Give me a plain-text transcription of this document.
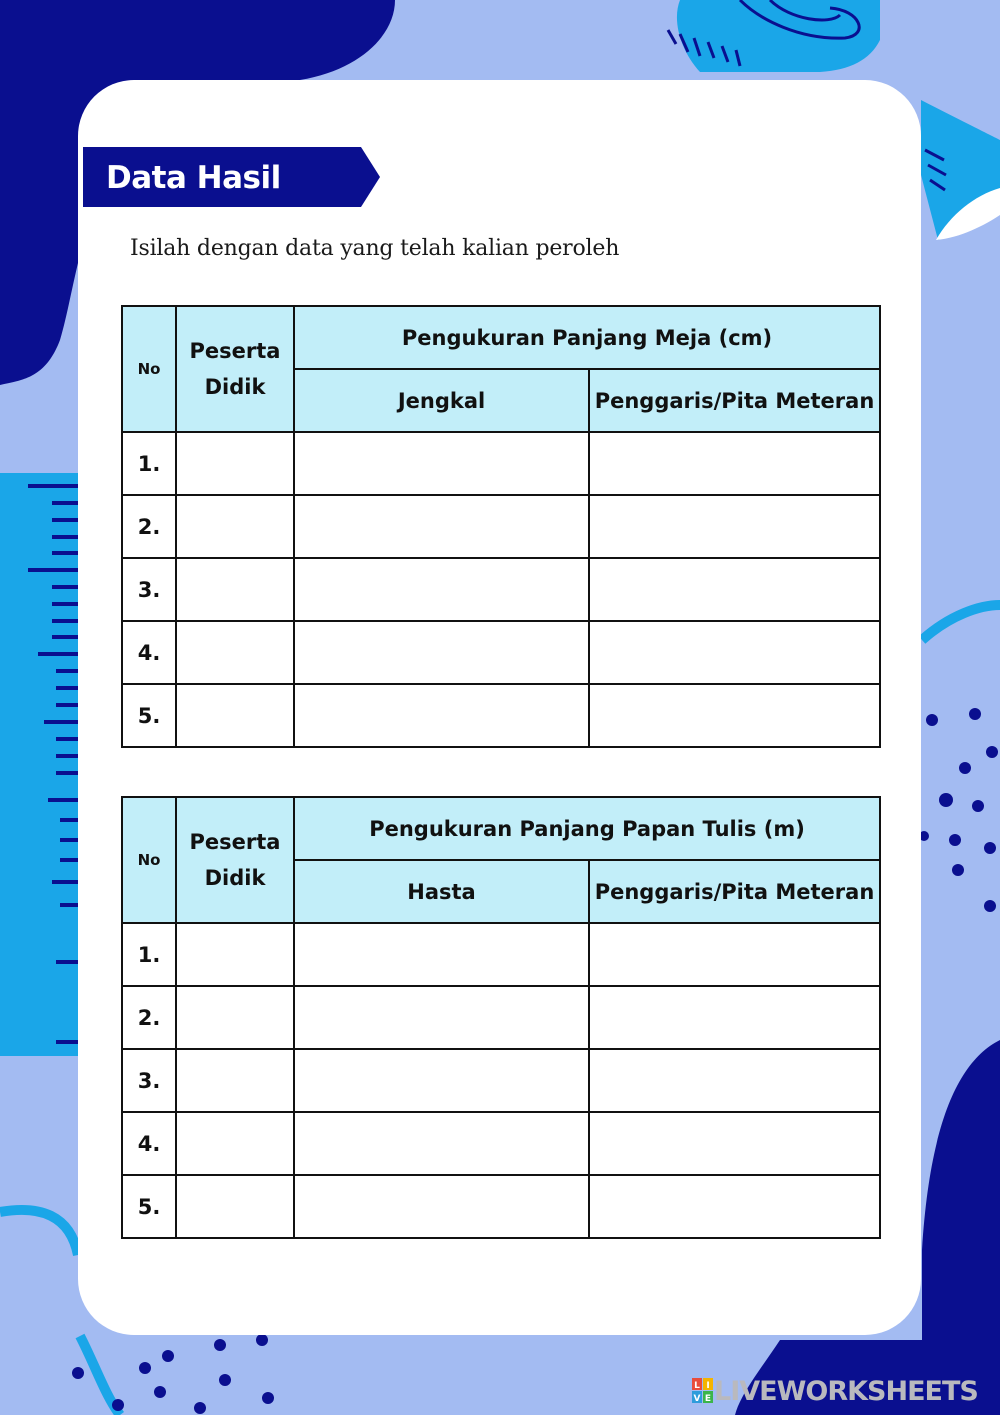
Data Hasil
Isilah dengan data yang telah kalian peroleh
No	Peserta Didik	Pengukuran Panjang Meja (cm)	
		Jengkal	Penggaris/Pita Meteran
1.			
2.			
3.			
4.			
5.			
No	Peserta Didik	Pengukuran Panjang Papan Tulis (m)	
		Hasta	Penggaris/Pita Meteran
1.			
2.			
3.			
4.			
5.			
L I
V E LIVEWORKSHEETS
